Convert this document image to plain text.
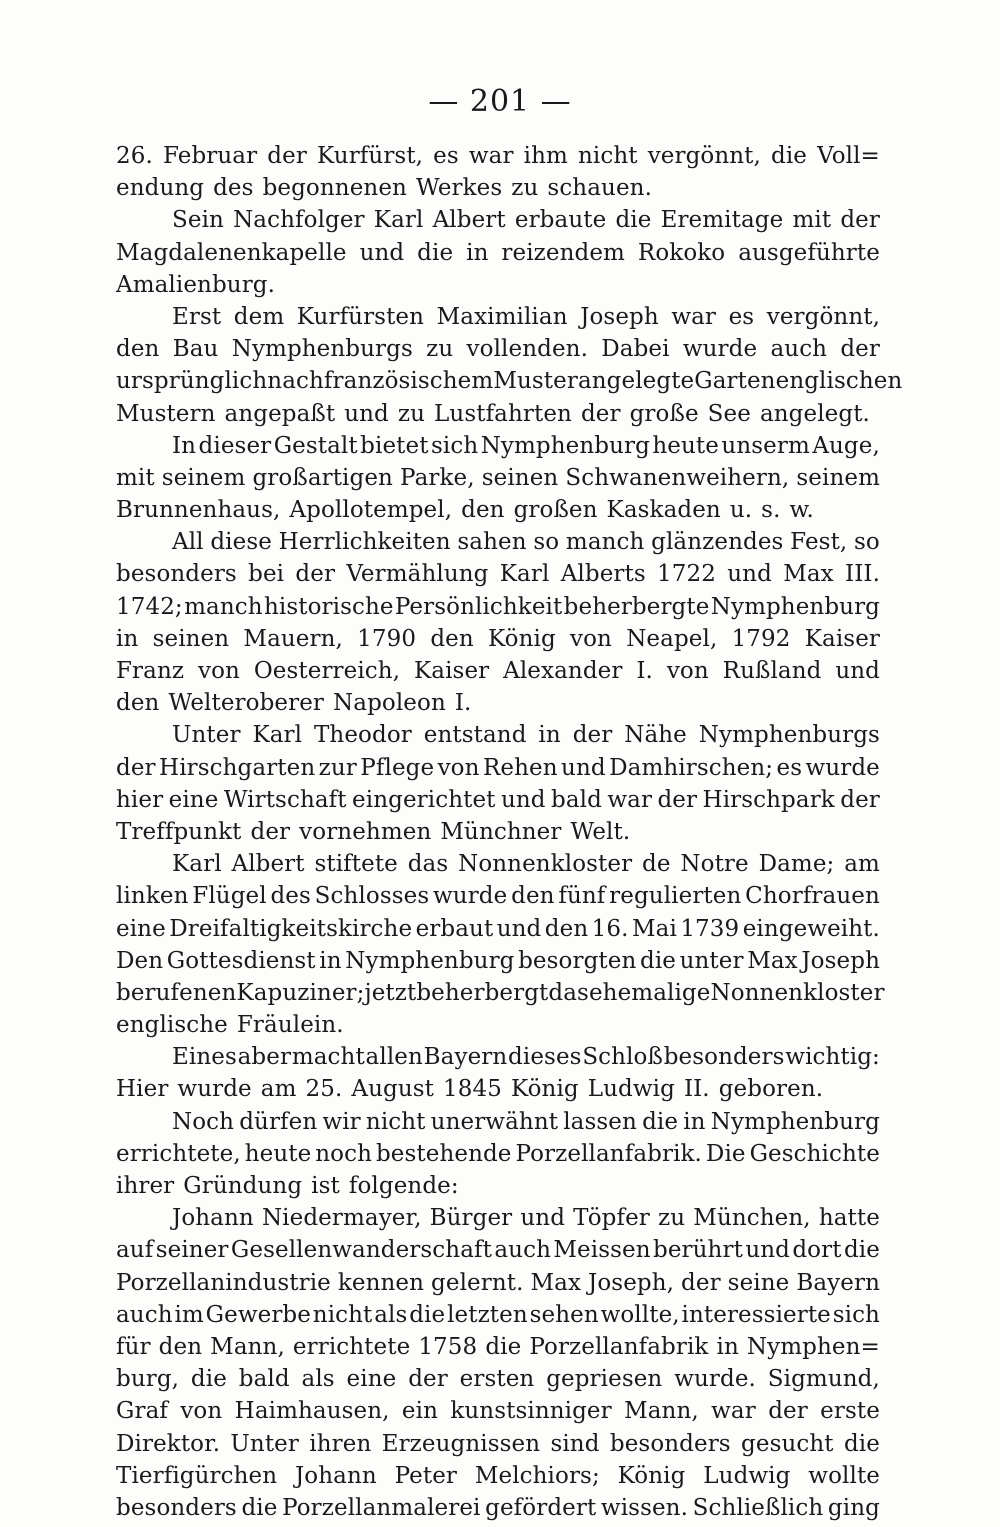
— 201 —
26. Februar der Kurfürst, es war ihm nicht vergönnt, die Voll=
endung des begonnenen Werkes zu schauen.
Sein Nachfolger Karl Albert erbaute die Eremitage mit der
Magdalenenkapelle und die in reizendem Rokoko ausgeführte
Amalienburg.
Erst dem Kurfürsten Maximilian Joseph war es vergönnt,
den Bau Nymphenburgs zu vollenden. Dabei wurde auch der
ursprünglich nach französischem Muster angelegte Garten englischen
Mustern angepaßt und zu Lustfahrten der große See angelegt.
In dieser Gestalt bietet sich Nymphenburg heute unserm Auge,
mit seinem großartigen Parke, seinen Schwanenweihern, seinem
Brunnenhaus, Apollotempel, den großen Kaskaden u. s. w.
All diese Herrlichkeiten sahen so manch glänzendes Fest, so
besonders bei der Vermählung Karl Alberts 1722 und Max III.
1742; manch historische Persönlichkeit beherbergte Nymphenburg
in seinen Mauern, 1790 den König von Neapel, 1792 Kaiser
Franz von Oesterreich, Kaiser Alexander I. von Rußland und
den Welteroberer Napoleon I.
Unter Karl Theodor entstand in der Nähe Nymphenburgs
der Hirschgarten zur Pflege von Rehen und Damhirschen; es wurde
hier eine Wirtschaft eingerichtet und bald war der Hirschpark der
Treffpunkt der vornehmen Münchner Welt.
Karl Albert stiftete das Nonnenkloster de Notre Dame; am
linken Flügel des Schlosses wurde den fünf regulierten Chorfrauen
eine Dreifaltigkeitskirche erbaut und den 16. Mai 1739 eingeweiht.
Den Gottesdienst in Nymphenburg besorgten die unter Max Joseph
berufenen Kapuziner; jetzt beherbergt das ehemalige Nonnenkloster
englische Fräulein.
Eines aber macht allen Bayern dieses Schloß besonders wichtig:
Hier wurde am 25. August 1845 König Ludwig II. geboren.
Noch dürfen wir nicht unerwähnt lassen die in Nymphenburg
errichtete, heute noch bestehende Porzellanfabrik. Die Geschichte
ihrer Gründung ist folgende:
Johann Niedermayer, Bürger und Töpfer zu München, hatte
auf seiner Gesellenwanderschaft auch Meissen berührt und dort die
Porzellanindustrie kennen gelernt. Max Joseph, der seine Bayern
auch im Gewerbe nicht als die letzten sehen wollte, interessierte sich
für den Mann, errichtete 1758 die Porzellanfabrik in Nymphen=
burg, die bald als eine der ersten gepriesen wurde. Sigmund,
Graf von Haimhausen, ein kunstsinniger Mann, war der erste
Direktor. Unter ihren Erzeugnissen sind besonders gesucht die
Tierfigürchen Johann Peter Melchiors; König Ludwig wollte
besonders die Porzellanmalerei gefördert wissen. Schließlich ging
